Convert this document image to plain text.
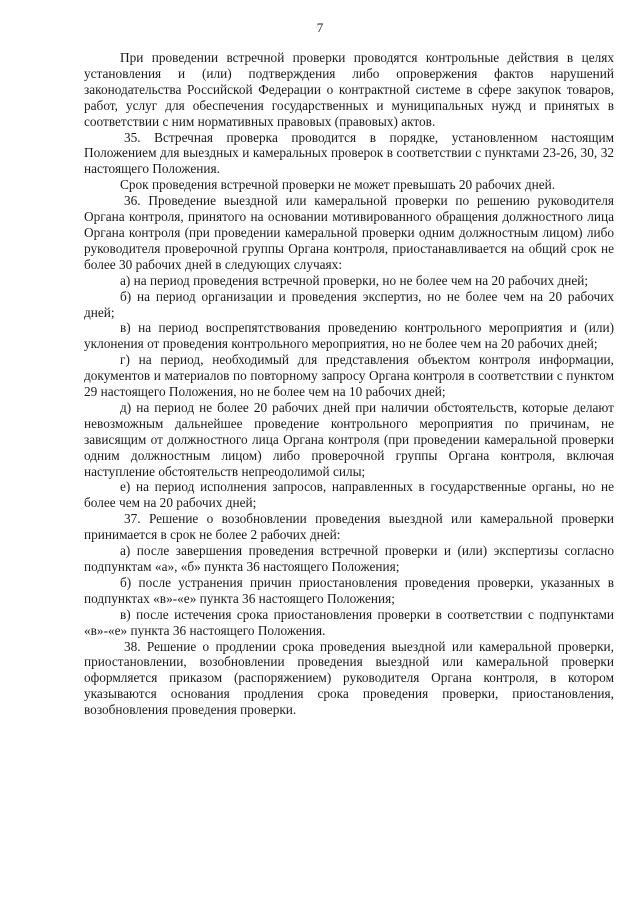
7

При проведении встречной проверки проводятся контрольные действия в целях установления и (или) подтверждения либо опровержения фактов нарушений законодательства Российской Федерации о контрактной системе в сфере закупок товаров, работ, услуг для обеспечения государственных и муниципальных нужд и принятых в соответствии с ним нормативных правовых (правовых) актов.

35. Встречная проверка проводится в порядке, установленном настоящим Положением для выездных и камеральных проверок в соответствии с пунктами 23-26, 30, 32 настоящего Положения.

Срок проведения встречной проверки не может превышать 20 рабочих дней.

36. Проведение выездной или камеральной проверки по решению руководителя Органа контроля, принятого на основании мотивированного обращения должностного лица Органа контроля (при проведении камеральной проверки одним должностным лицом) либо руководителя проверочной группы Органа контроля, приостанавливается на общий срок не более 30 рабочих дней в следующих случаях:

а) на период проведения встречной проверки, но не более чем на 20 рабочих дней;

б) на период организации и проведения экспертиз, но не более чем на 20 рабочих дней;

в) на период воспрепятствования проведению контрольного мероприятия и (или) уклонения от проведения контрольного мероприятия, но не более чем на 20 рабочих дней;

г) на период, необходимый для представления объектом контроля информации, документов и материалов по повторному запросу Органа контроля в соответствии с пунктом 29 настоящего Положения, но не более чем на 10 рабочих дней;

д) на период не более 20 рабочих дней при наличии обстоятельств, которые делают невозможным дальнейшее проведение контрольного мероприятия по причинам, не зависящим от должностного лица Органа контроля (при проведении камеральной проверки одним должностным лицом) либо проверочной группы Органа контроля, включая наступление обстоятельств непреодолимой силы;

е) на период исполнения запросов, направленных в государственные органы, но не более чем на 20 рабочих дней;

37. Решение о возобновлении проведения выездной или камеральной проверки принимается в срок не более 2 рабочих дней:

а) после завершения проведения встречной проверки и (или) экспертизы согласно подпунктам «а», «б» пункта 36 настоящего Положения;

б) после устранения причин приостановления проведения проверки, указанных в подпунктах «в»-«е» пункта 36 настоящего Положения;

в) после истечения срока приостановления проверки в соответствии с подпунктами «в»-«е» пункта 36 настоящего Положения.

38. Решение о продлении срока проведения выездной или камеральной проверки, приостановлении, возобновлении проведения выездной или камеральной проверки оформляется приказом (распоряжением) руководителя Органа контроля, в котором указываются основания продления срока проведения проверки, приостановления, возобновления проведения проверки.
